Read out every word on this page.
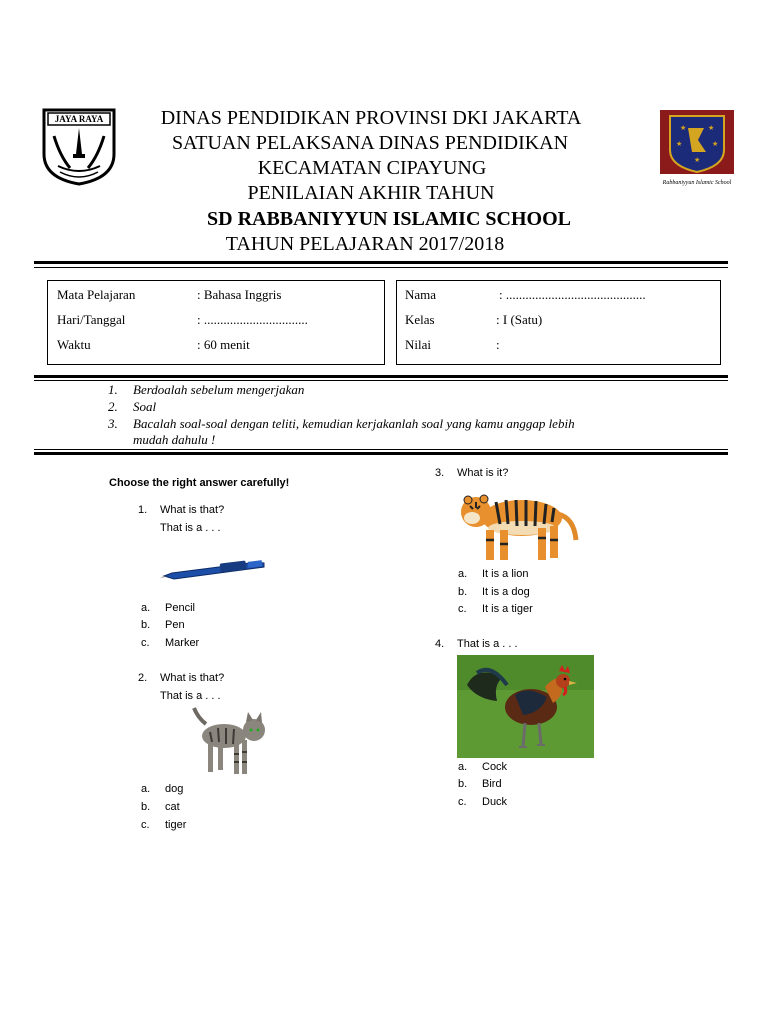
JAYA RAYA	DINAS PENDIDIKAN PROVINSI DKI JAKARTA
SATUAN PELAKSANA DINAS PENDIDIKAN
KECAMATAN CIPAYUNG
PENILAIAN AKHIR TAHUN
SD RABBANIYYUN ISLAMIC SCHOOL
TAHUN PELAJARAN 2017/2018
★	★
★	★
★
Rabbaniyyun Islamic School
Mata Pelajaran	: Bahasa Inggris
Hari/Tanggal	: ................................
Waktu	: 60 menit
Nama	: ...........................................
Kelas	: I (Satu)
Nilai	:
1. Berdoalah sebelum mengerjakan
2. Soal
3. Bacalah soal-soal dengan teliti, kemudian kerjakanlah soal yang kamu anggap lebih
mudah dahulu !
Choose the right answer carefully!
1. What is that?
That is a . . .
a. Pencil
b. Pen
c. Marker
2. What is that?
That is a . . .
a. dog
b. cat
c. tiger
3. What is it?
a. It is a lion
b. It is a dog
c. It is a tiger
4. That is a . . .
a. Cock
b. Bird
c. Duck
